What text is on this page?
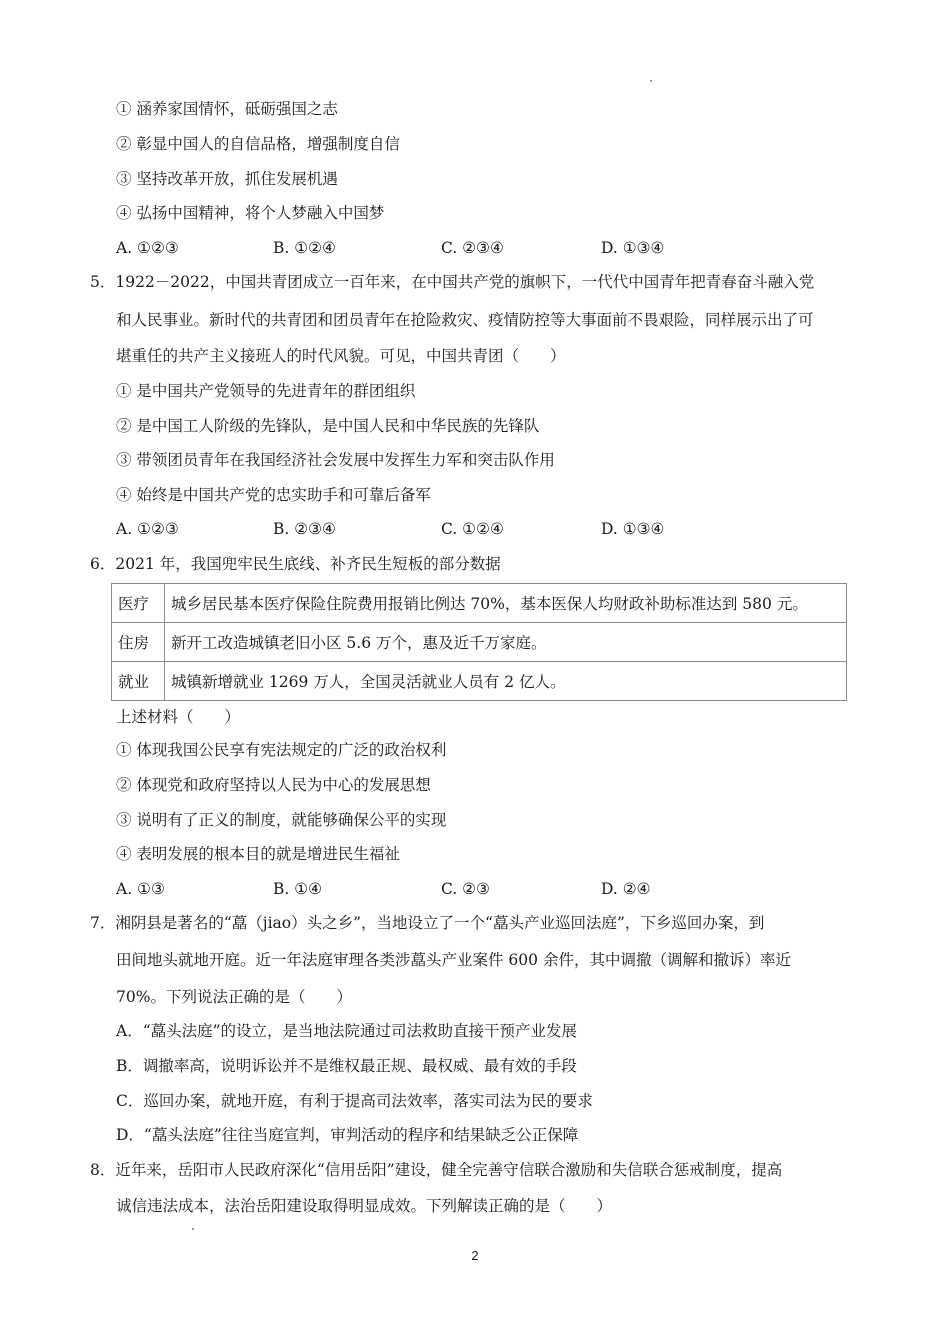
① 涵养家国情怀，砥砺强国之志
② 彰显中国人的自信品格，增强制度自信
③ 坚持改革开放，抓住发展机遇
④ 弘扬中国精神，将个人梦融入中国梦
A. ①②③	B. ①②④	C. ②③④	D. ①③④
5．1922－2022，中国共青团成立一百年来，在中国共产党的旗帜下，一代代中国青年把青春奋斗融入党
和人民事业。新时代的共青团和团员青年在抢险救灾、疫情防控等大事面前不畏艰险，同样展示出了可
堪重任的共产主义接班人的时代风貌。可见，中国共青团（　　）
① 是中国共产党领导的先进青年的群团组织
② 是中国工人阶级的先锋队，是中国人民和中华民族的先锋队
③ 带领团员青年在我国经济社会发展中发挥生力军和突击队作用
④ 始终是中国共产党的忠实助手和可靠后备军
A. ①②③	B. ②③④	C. ①②④	D. ①③④
6．2021 年，我国兜牢民生底线、补齐民生短板的部分数据
医疗	城乡居民基本医疗保险住院费用报销比例达 70%，基本医保人均财政补助标准达到 580 元。
住房	新开工改造城镇老旧小区 5.6 万个，惠及近千万家庭。
就业	城镇新增就业 1269 万人，全国灵活就业人员有 2 亿人。
上述材料（　　）
① 体现我国公民享有宪法规定的广泛的政治权利
② 体现党和政府坚持以人民为中心的发展思想
③ 说明有了正义的制度，就能够确保公平的实现
④ 表明发展的根本目的就是增进民生福祉
A. ①③	B. ①④	C. ②③	D. ②④
7．湘阴县是著名的“藠（jiao）头之乡”，当地设立了一个“藠头产业巡回法庭”，下乡巡回办案，到
田间地头就地开庭。近一年法庭审理各类涉藠头产业案件 600 余件，其中调撤（调解和撤诉）率近
70%。下列说法正确的是（　　）
A．“藠头法庭”的设立，是当地法院通过司法救助直接干预产业发展
B．调撤率高，说明诉讼并不是维权最正规、最权威、最有效的手段
C．巡回办案，就地开庭，有利于提高司法效率，落实司法为民的要求
D．“藠头法庭”往往当庭宣判，审判活动的程序和结果缺乏公正保障
8．近年来，岳阳市人民政府深化“信用岳阳”建设，健全完善守信联合激励和失信联合惩戒制度，提高
诚信违法成本，法治岳阳建设取得明显成效。下列解读正确的是（　　）
2
